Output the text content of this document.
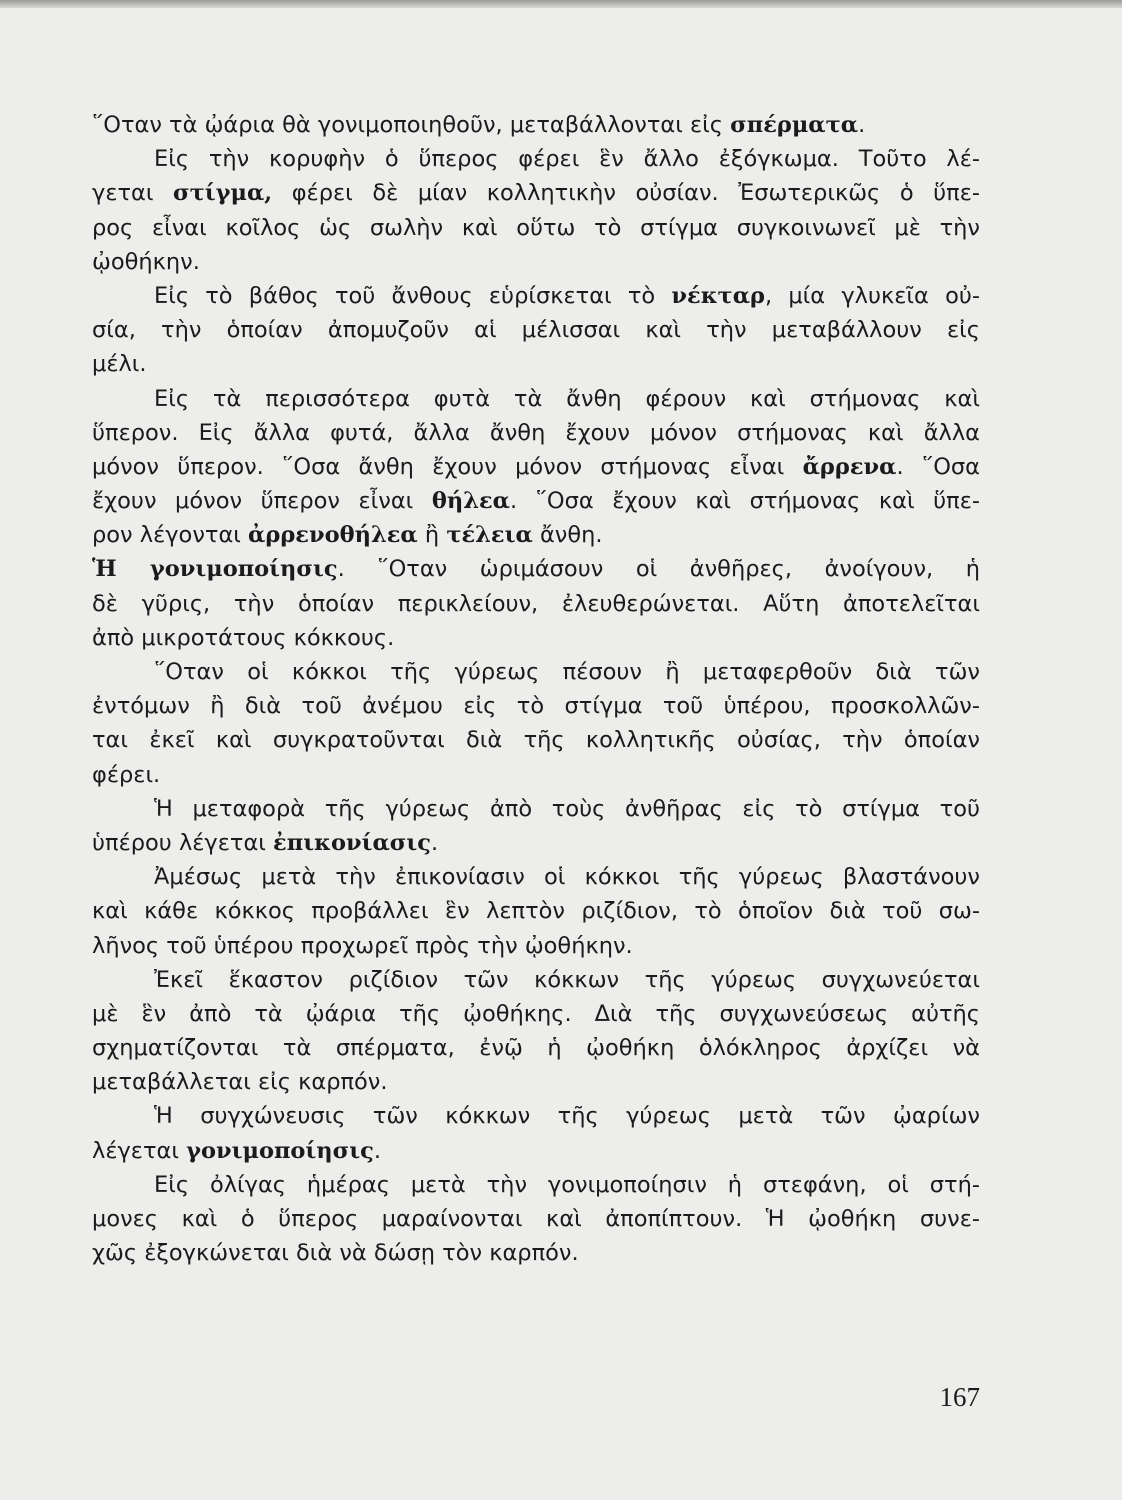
῞Οταν τὰ ᾠάρια θὰ γονιμοποιηθοῦν, μεταβάλλονται εἰς σπέρματα.
Εἰς τὴν κορυφὴν ὁ ὕπερος φέρει ἓν ἄλλο ἐξόγκωμα. Τοῦτο λέ-
γεται στίγμα, φέρει δὲ μίαν κολλητικὴν οὐσίαν. Ἐσωτερικῶς ὁ ὕπε-
ρος εἶναι κοῖλος ὡς σωλὴν καὶ οὕτω τὸ στίγμα συγκοινωνεῖ μὲ τὴν
ᾠοθήκην.
Εἰς τὸ βάθος τοῦ ἄνθους εὑρίσκεται τὸ νέκταρ, μία γλυκεῖα οὐ-
σία, τὴν ὁποίαν ἀπομυζοῦν αἱ μέλισσαι καὶ τὴν μεταβάλλουν εἰς
μέλι.
Εἰς τὰ περισσότερα φυτὰ τὰ ἄνθη φέρουν καὶ στήμονας καὶ
ὕπερον. Εἰς ἄλλα φυτά, ἄλλα ἄνθη ἔχουν μόνον στήμονας καὶ ἄλλα
μόνον ὕπερον. ῞Οσα ἄνθη ἔχουν μόνον στήμονας εἶναι ἄρρενα. ῞Οσα
ἔχουν μόνον ὕπερον εἶναι θήλεα. ῞Οσα ἔχουν καὶ στήμονας καὶ ὕπε-
ρον λέγονται ἀρρενοθήλεα ἢ τέλεια ἄνθη.
Ἡ γονιμοποίησις. ῞Οταν ὡριμάσουν οἱ ἀνθῆρες, ἀνοίγουν, ἡ
δὲ γῦρις, τὴν ὁποίαν περικλείουν, ἐλευθερώνεται. Αὕτη ἀποτελεῖται
ἀπὸ μικροτάτους κόκκους.
῞Οταν οἱ κόκκοι τῆς γύρεως πέσουν ἢ μεταφερθοῦν διὰ τῶν
ἐντόμων ἢ διὰ τοῦ ἀνέμου εἰς τὸ στίγμα τοῦ ὑπέρου, προσκολλῶν-
ται ἐκεῖ καὶ συγκρατοῦνται διὰ τῆς κολλητικῆς οὐσίας, τὴν ὁποίαν
φέρει.
Ἡ μεταφορὰ τῆς γύρεως ἀπὸ τοὺς ἀνθῆρας εἰς τὸ στίγμα τοῦ
ὑπέρου λέγεται ἐπικονίασις.
Ἀμέσως μετὰ τὴν ἐπικονίασιν οἱ κόκκοι τῆς γύρεως βλαστάνουν
καὶ κάθε κόκκος προβάλλει ἓν λεπτὸν ριζίδιον, τὸ ὁποῖον διὰ τοῦ σω-
λῆνος τοῦ ὑπέρου προχωρεῖ πρὸς τὴν ᾠοθήκην.
Ἐκεῖ ἕκαστον ριζίδιον τῶν κόκκων τῆς γύρεως συγχωνεύεται
μὲ ἓν ἀπὸ τὰ ᾠάρια τῆς ᾠοθήκης. Διὰ τῆς συγχωνεύσεως αὐτῆς
σχηματίζονται τὰ σπέρματα, ἐνῷ ἡ ᾠοθήκη ὁλόκληρος ἀρχίζει νὰ
μεταβάλλεται εἰς καρπόν.
Ἡ συγχώνευσις τῶν κόκκων τῆς γύρεως μετὰ τῶν ᾠαρίων
λέγεται γονιμοποίησις.
Εἰς ὀλίγας ἡμέρας μετὰ τὴν γονιμοποίησιν ἡ στεφάνη, οἱ στή-
μονες καὶ ὁ ὕπερος μαραίνονται καὶ ἀποπίπτουν. Ἡ ᾠοθήκη συνε-
χῶς ἐξογκώνεται διὰ νὰ δώσῃ τὸν καρπόν.
167
